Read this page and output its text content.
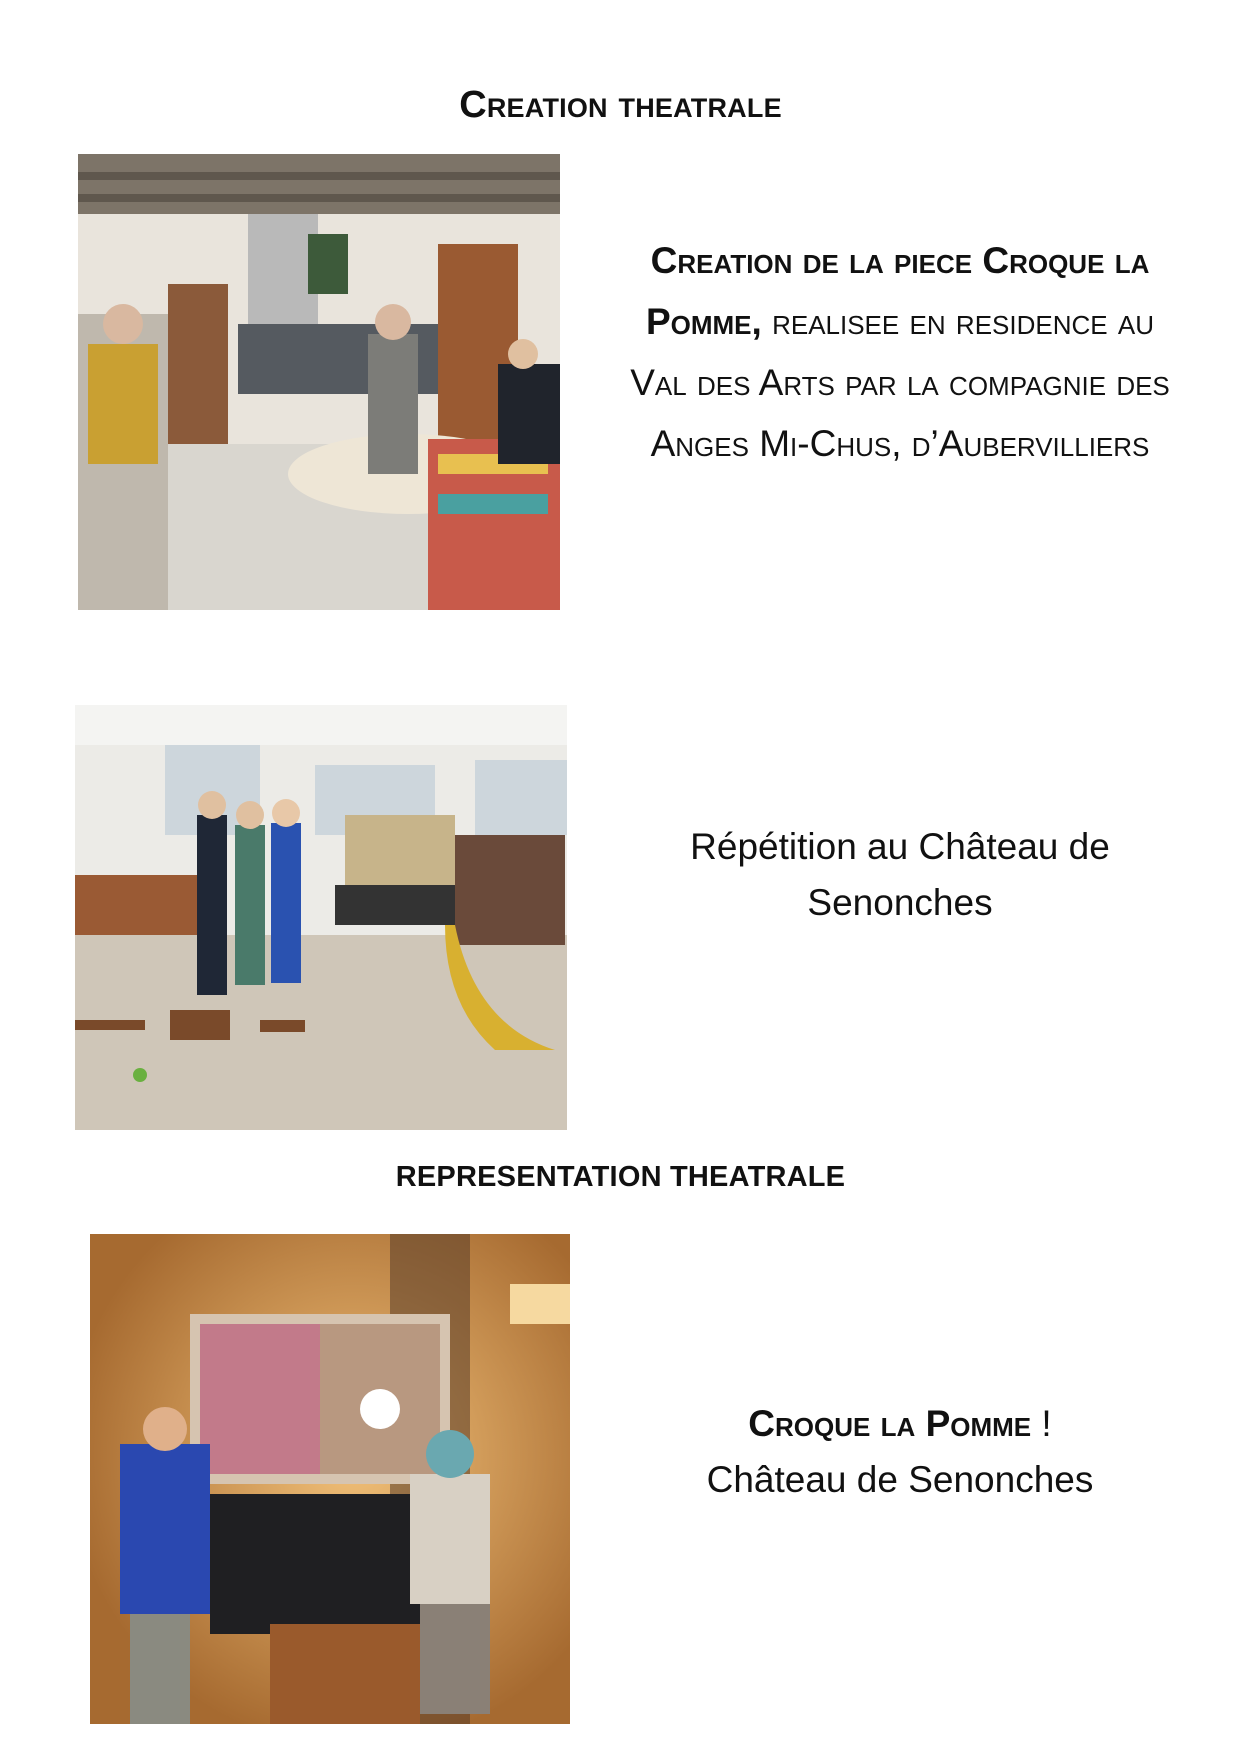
Creation theatrale
Creation de la piece Croque la Pomme, realisee en residence au Val des Arts par la compagnie des Anges Mi-Chus, d’Aubervilliers
Répétition au Château de Senonches
REPRESENTATION THEATRALE
Croque la Pomme !
Château de Senonches
